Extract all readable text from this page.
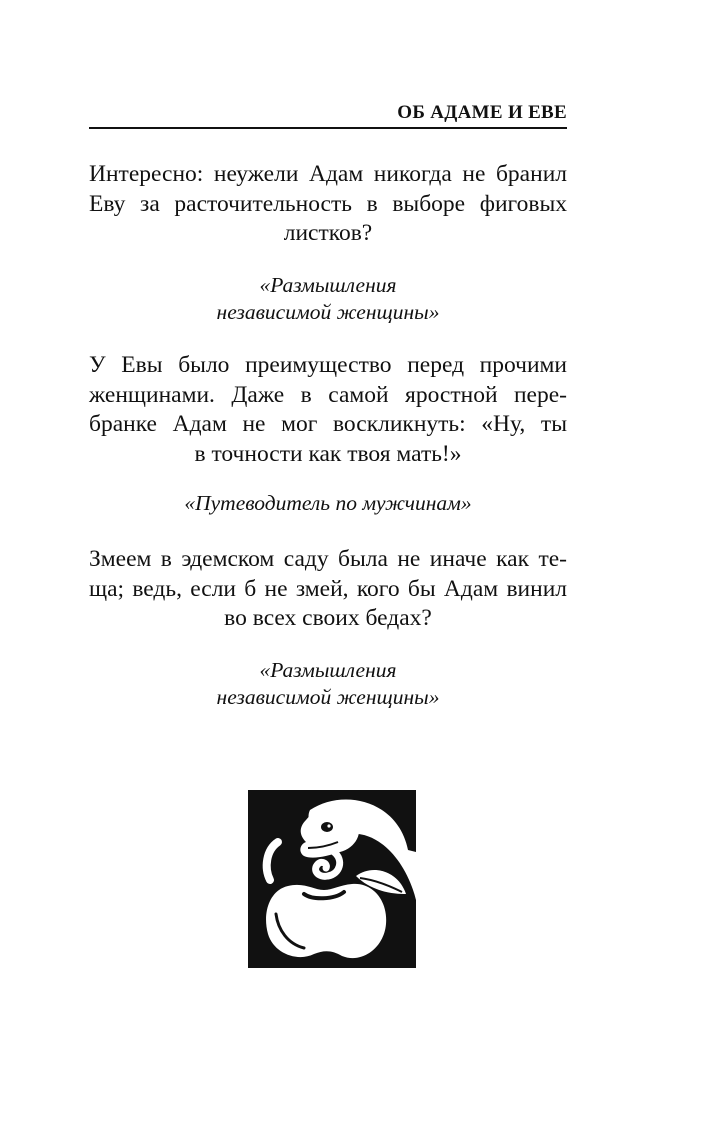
ОБ АДАМЕ И ЕВЕ
Интересно: неужели Адам никогда не бранил
Еву за расточительность в выборе фиговых
листков?
«Размышления
независимой женщины»
У Евы было преимущество перед прочими
женщинами. Даже в самой яростной пере-
бранке Адам не мог воскликнуть: «Ну, ты
в точности как твоя мать!»
«Путеводитель по мужчинам»
Змеем в эдемском саду была не иначе как те-
ща; ведь, если б не змей, кого бы Адам винил
во всех своих бедах?
«Размышления
независимой женщины»
